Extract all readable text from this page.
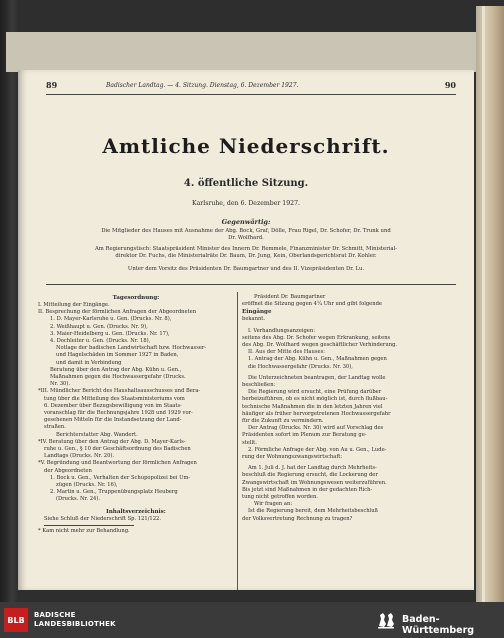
89	Badischer Landtag. — 4. Sitzung. Dienstag, 6. Dezember 1927.	90
Amtliche Niederschrift.
4. öffentliche Sitzung.
Karlsruhe, den 6. Dezember 1927.
Gegenwärtig:
Die Mitglieder des Hauses mit Ausnahme der Abg. Bock, Graf, Dölle, Frau Rigel, Dr. Schofer, Dr. Trunk und
Dr. Wolfhard.
Am Regierungstisch: Staatspräsident Minister des Innern Dr. Remmele, Finanzminister Dr. Schmitt, Ministerial-
direktor Dr. Fuchs, die Ministerialräte Dr. Baum, Dr. Jung, Kein, Oberlandsgerichtsrat Dr. Kohler.
Unter dem Vorsitz des Präsidenten Dr. Baumgartner und des II. Vizepräsidenten Dr. Lu.
Tagesordnung:
I. Mitteilung der Eingänge.
II. Besprechung der förmlichen Anfragen der Abgeordneten
1. D. Mayer-Karlsruhe u. Gen. (Drucks. Nr. 8),
2. Weißhaupt u. Gen. (Drucks. Nr. 9),
3. Maier-Heidelberg u. Gen. (Drucks. Nr. 17),
4. Dochleiter u. Gen. (Drucks. Nr. 18),
Notlage der badischen Landwirtschaft bzw. Hochwasser-
und Hagelschäden im Sommer 1927 in Baden,
und damit in Verbindung
Beratung über den Antrag der Abg. Kühn u. Gen.,
Maßnahmen gegen die Hochwassergefahr (Drucks.
Nr. 30).
*III. Mündlicher Bericht des Haushaltsausschusses und Bera-
tung über die Mitteilung des Staatsministeriums vom
6. Dezember über Bezugsbewilligung von im Staats-
voranschlag für die Rechnungsjahre 1928 und 1929 vor-
gesehenen Mitteln für die Instandsetzung der Land-
straßen.
Berichterstatter Abg. Wandert.
*IV. Beratung über den Antrag der Abg. D. Mayer-Karls-
ruhe u. Gen., § 10 der Geschäftsordnung des Badischen
Landtags (Drucks. Nr. 20).
*V. Begründung und Beantwortung der förmlichen Anfragen
der Abgeordneten
1. Bock u. Gen., Verhalten der Schupopolizei bei Um-
zügen (Drucks. Nr. 16),
2. Martin u. Gen., Truppenübungsplatz Heuberg
(Drucks. Nr. 24).
Inhaltsverzeichnis:
Siehe Schluß der Niederschrift Sp. 121/122.
* Kam nicht mehr zur Behandlung.
Präsident Dr. Baumgartner
eröffnet die Sitzung gegen 4¼ Uhr und gibt folgende
Eingänge
bekannt.
I. Verhandlungsanzeigen:
seitens des Abg. Dr. Schofer wegen Erkrankung, seitens
des Abg. Dr. Wolfhard wegen geschäftlicher Verhinderung.
II. Aus der Mitte des Hauses:
1. Antrag der Abg. Kühn u. Gen., Maßnahmen gegen
die Hochwassergefahr (Drucks. Nr. 30),
Die Unterzeichneten beantragen, der Landtag wolle
beschließen:
Die Regierung wird ersucht, eine Prüfung darüber
herbeizuführen, ob es nicht möglich ist, durch flußbau-
technische Maßnahmen die in den letzten Jahren viel
häufiger als früher hervorgetretenen Hochwassergefahr
für die Zukunft zu vermindern.
Der Antrag (Drucks. Nr. 30) wird auf Vorschlag des
Präsidenten sofort im Plenum zur Beratung ge-
stellt.
2. Förmliche Anfrage der Abg. von Au u. Gen., Lude-
rung der Wohnungszwangswirtschaft:
Am 1. Juli d. J. hat der Landtag durch Mehrheits-
beschluß die Regierung ersucht, die Lockerung der
Zwangswirtschaft im Wohnungswesen weiterzuführen.
Bis jetzt sind Maßnahmen in der gedachten Rich-
tung nicht getroffen worden.
Wir fragen an:
Ist die Regierung bereit, dem Mehrheitsbeschluß
der Volksvertretung Rechnung zu tragen?
BLB
BADISCHE
LANDESBIBLIOTHEK	Baden-Württemberg
